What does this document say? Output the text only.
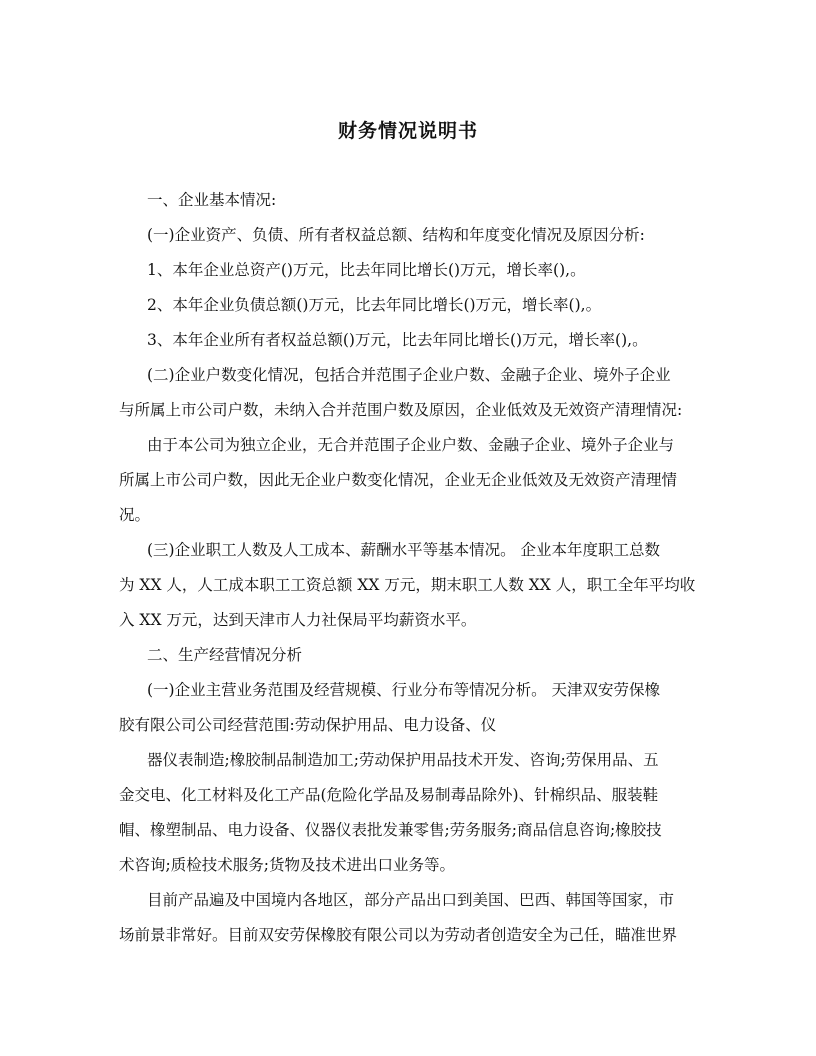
财务情况说明书
一、企业基本情况:
(一)企业资产、负债、所有者权益总额、结构和年度变化情况及原因分析:
1、本年企业总资产()万元，比去年同比增长()万元，增长率(),。
2、本年企业负债总额()万元，比去年同比增长()万元，增长率(),。
3、本年企业所有者权益总额()万元，比去年同比增长()万元，增长率(),。
(二)企业户数变化情况，包括合并范围子企业户数、金融子企业、境外子企业
与所属上市公司户数，未纳入合并范围户数及原因，企业低效及无效资产清理情况:
由于本公司为独立企业，无合并范围子企业户数、金融子企业、境外子企业与
所属上市公司户数，因此无企业户数变化情况，企业无企业低效及无效资产清理情
况。
(三)企业职工人数及人工成本、薪酬水平等基本情况。 企业本年度职工总数
为 XX 人，人工成本职工工资总额 XX 万元，期末职工人数 XX 人，职工全年平均收
入 XX 万元，达到天津市人力社保局平均薪资水平。
二、生产经营情况分析
(一)企业主营业务范围及经营规模、行业分布等情况分析。 天津双安劳保橡
胶有限公司公司经营范围:劳动保护用品、电力设备、仪
器仪表制造;橡胶制品制造加工;劳动保护用品技术开发、咨询;劳保用品、五
金交电、化工材料及化工产品(危险化学品及易制毒品除外)、针棉织品、服装鞋
帽、橡塑制品、电力设备、仪器仪表批发兼零售;劳务服务;商品信息咨询;橡胶技
术咨询;质检技术服务;货物及技术进出口业务等。
目前产品遍及中国境内各地区，部分产品出口到美国、巴西、韩国等国家，市
场前景非常好。目前双安劳保橡胶有限公司以为劳动者创造安全为己任，瞄准世界
